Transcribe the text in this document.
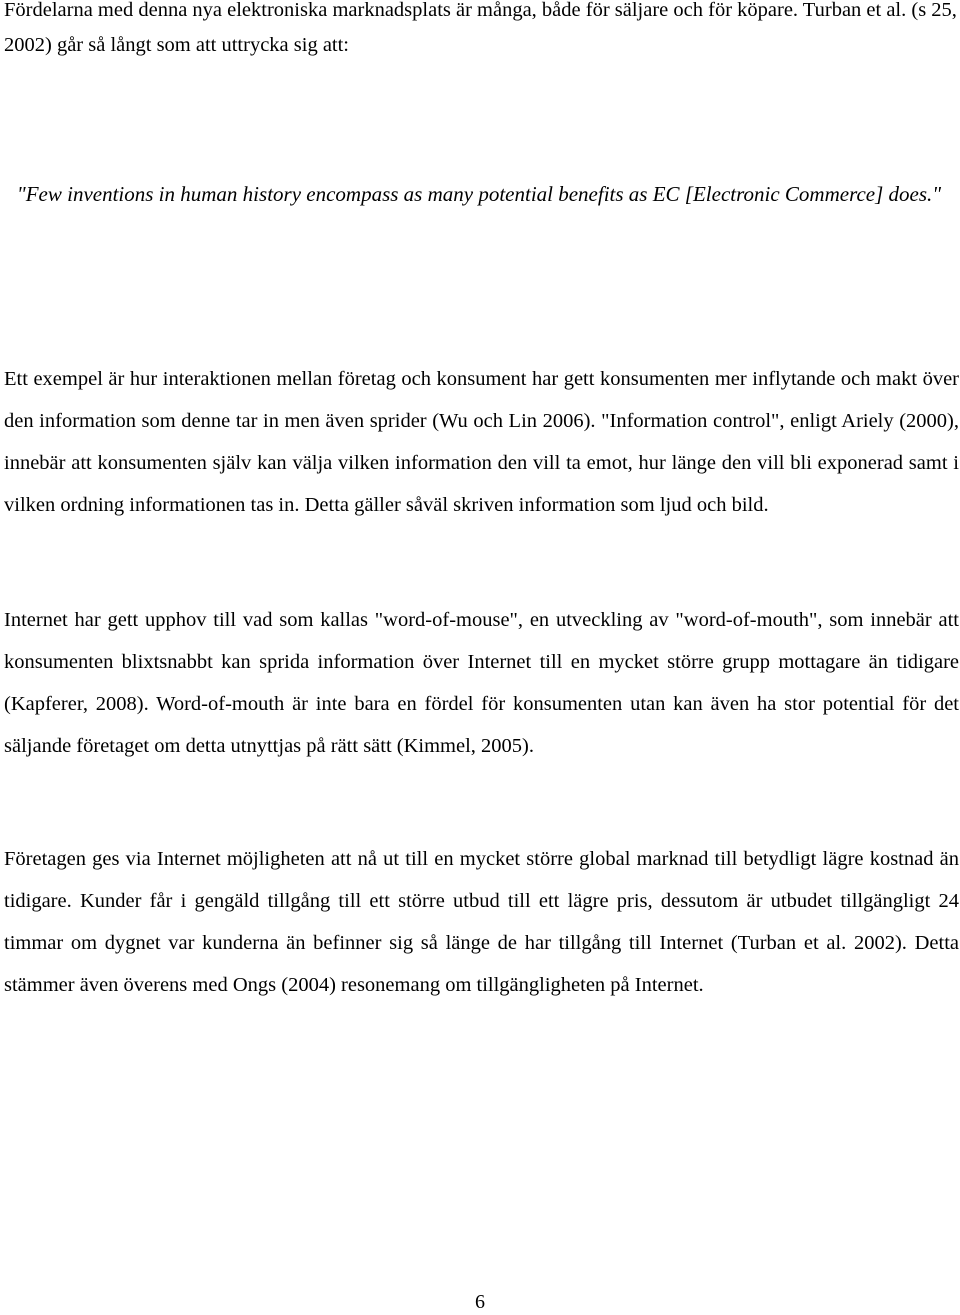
Fördelarna med denna nya elektroniska marknadsplats är många, både för säljare och för köpare. Turban et al. (s 25, 2002) går så långt som att uttrycka sig att:

"Few inventions in human history encompass as many potential benefits as EC [Electronic Commerce] does."

Ett exempel är hur interaktionen mellan företag och konsument har gett konsumenten mer inflytande och makt över den information som denne tar in men även sprider (Wu och Lin 2006). "Information control", enligt Ariely (2000), innebär att konsumenten själv kan välja vilken information den vill ta emot, hur länge den vill bli exponerad samt i vilken ordning informationen tas in. Detta gäller såväl skriven information som ljud och bild.

Internet har gett upphov till vad som kallas "word-of-mouse", en utveckling av "word-of-mouth", som innebär att konsumenten blixtsnabbt kan sprida information över Internet till en mycket större grupp mottagare än tidigare (Kapferer, 2008). Word-of-mouth är inte bara en fördel för konsumenten utan kan även ha stor potential för det säljande företaget om detta utnyttjas på rätt sätt (Kimmel, 2005).

Företagen ges via Internet möjligheten att nå ut till en mycket större global marknad till betydligt lägre kostnad än tidigare. Kunder får i gengäld tillgång till ett större utbud till ett lägre pris, dessutom är utbudet tillgängligt 24 timmar om dygnet var kunderna än befinner sig så länge de har tillgång till Internet (Turban et al. 2002). Detta stämmer även överens med Ongs (2004) resonemang om tillgängligheten på Internet.

6
